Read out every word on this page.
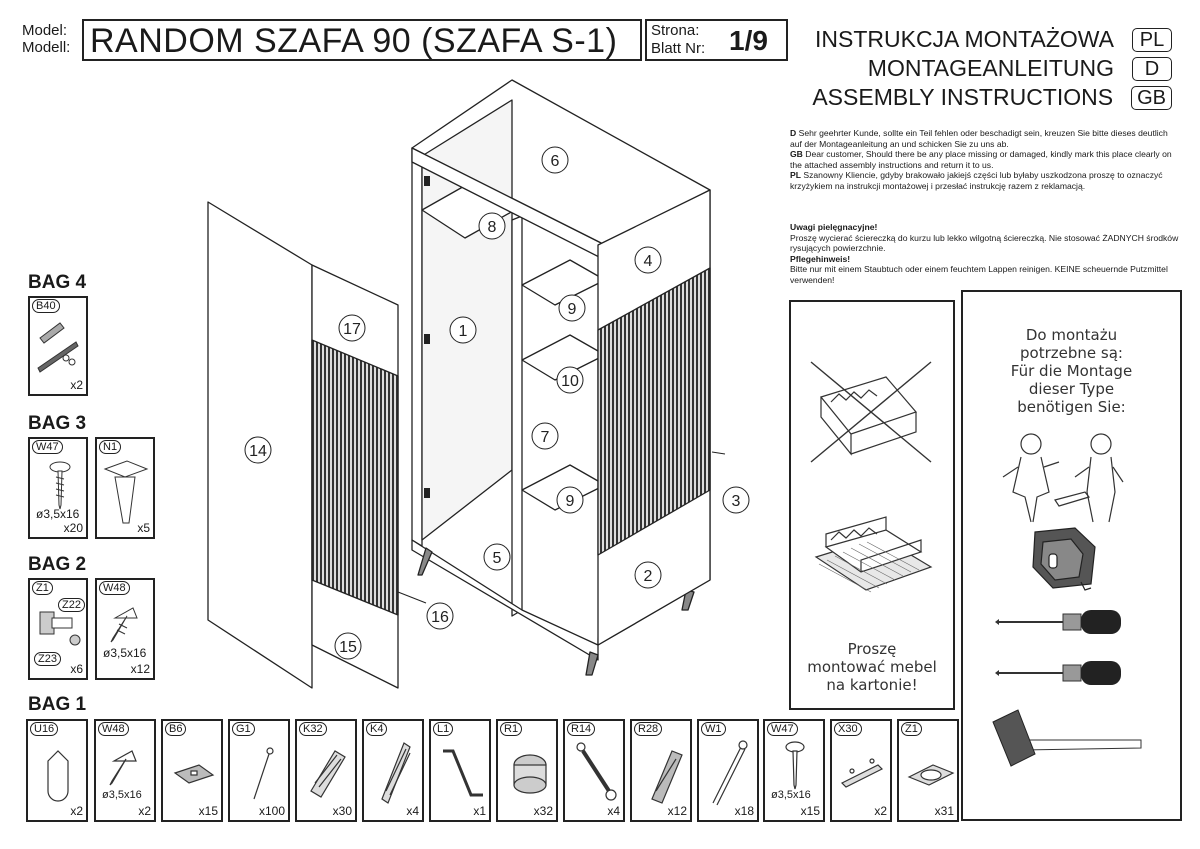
Model:
Modell: RANDOM SZAFA 90 (SZAFA S-1) Strona:
Blatt Nr: 1/9 INSTRUKCJA MONTAŻOWA	PL
MONTAGEANLEITUNG	D
ASSEMBLY INSTRUCTIONS	GB

D Sehr geehrter Kunde, sollte ein Teil fehlen oder beschadigt sein, kreuzen Sie bitte dieses deutlich auf der Montageanleitung an und schicken Sie zu uns ab.

GB Dear customer, Should there be any place missing or damaged, kindly mark this place clearly on the attached assembly instructions and return it to us.

PL Szanowny Kliencie, gdyby brakowało jakiejś części lub byłaby uszkodzona proszę to oznaczyć krzyżykiem na instrukcji montażowej i przesłać instrukcję razem z reklamacją.

Uwagi pielęgnacyjne!

Proszę wycierać ściereczką do kurzu lub lekko wilgotną ściereczką. Nie stosować ŻADNYCH środków rysujących powierzchnie.

Pflegehinweis!

Bitte nur mit einem Staubtuch oder einem feuchtem Lappen reinigen. KEINE scheuernde Putzmittel verwenden!

Proszę
montować mebel
na kartonie!
Do montażu
potrzebne są:
Für die Montage
dieser Type
benötigen Sie:
6
8
4
9
1
10
7
9
5
2
3
14
17
15
16
BAG 4
B40
x2
BAG 3
W47
ø3,5x16
x20
N1
x5
BAG 2
Z1
Z22
Z23
x6
W48
ø3,5x16
x12
BAG 1
U16
x2
W48
ø3,5x16
x2
B6
x15
G1
x100
K32
x30
K4
x4
L1
x1
R1
x32
R14
x4
R28
x12
W1
x18
W47
ø3,5x16
x15
X30
x2
Z1
x31
